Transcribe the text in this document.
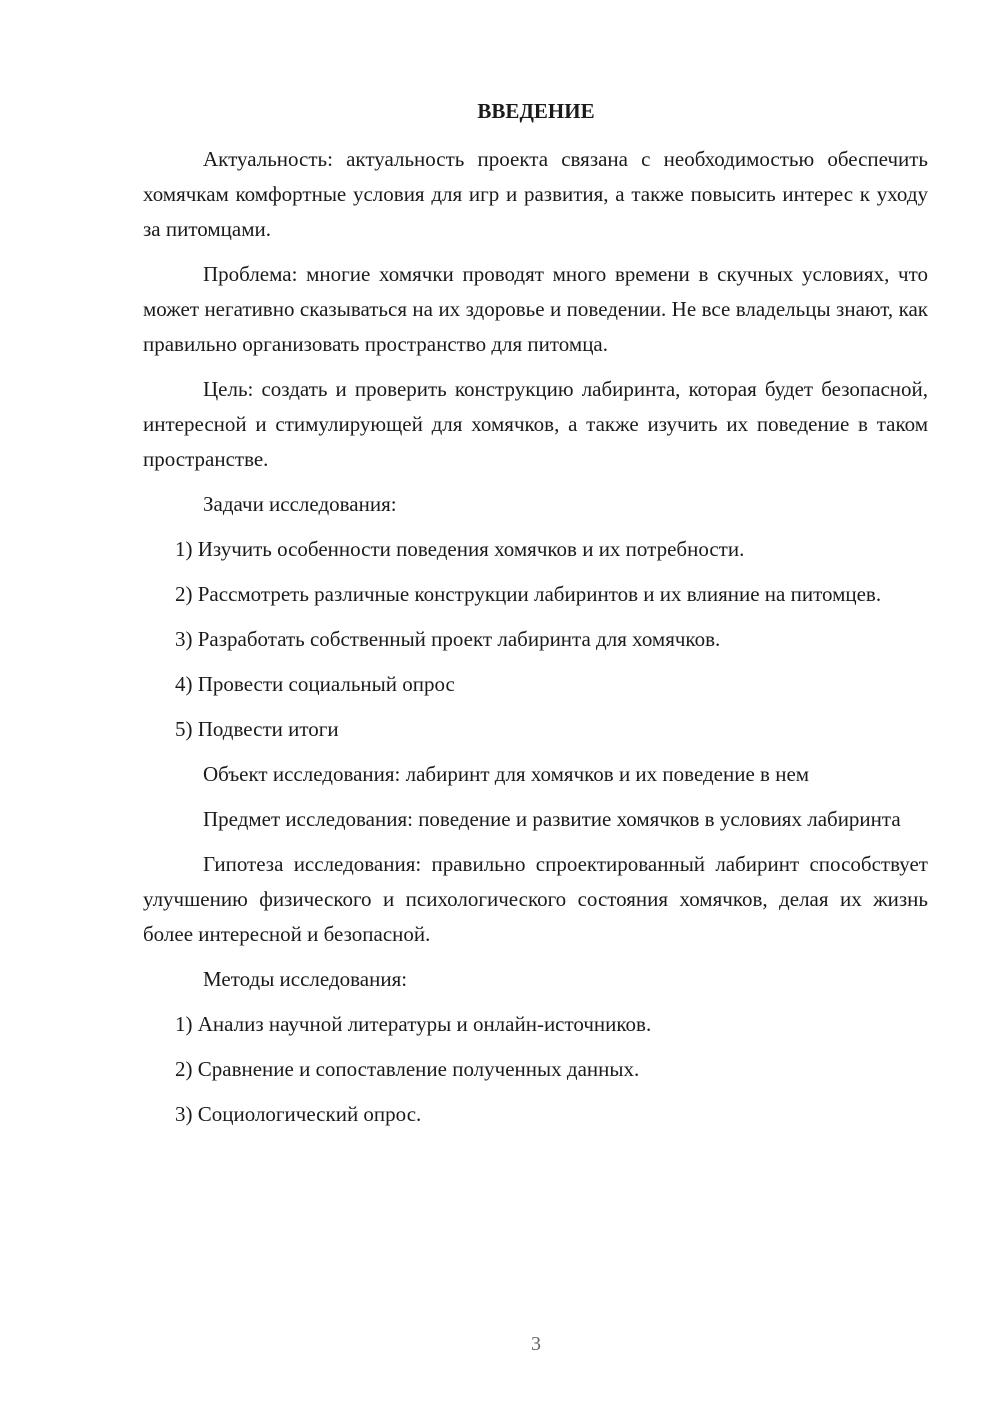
ВВЕДЕНИЕ

Актуальность: актуальность проекта связана с необходимостью обеспечить хомячкам комфортные условия для игр и развития, а также повысить интерес к уходу за питомцами.

Проблема: многие хомячки проводят много времени в скучных условиях, что может негативно сказываться на их здоровье и поведении. Не все владельцы знают, как правильно организовать пространство для питомца.

Цель: создать и проверить конструкцию лабиринта, которая будет безопасной, интересной и стимулирующей для хомячков, а также изучить их поведение в таком пространстве.

Задачи исследования:

1) Изучить особенности поведения хомячков и их потребности.

2) Рассмотреть различные конструкции лабиринтов и их влияние на питомцев.

3) Разработать собственный проект лабиринта для хомячков.

4) Провести социальный опрос

5) Подвести итоги

Объект исследования: лабиринт для хомячков и их поведение в нем

Предмет исследования: поведение и развитие хомячков в условиях лабиринта

Гипотеза исследования: правильно спроектированный лабиринт способствует улучшению физического и психологического состояния хомячков, делая их жизнь более интересной и безопасной.

Методы исследования:

1) Анализ научной литературы и онлайн-источников.

2) Сравнение и сопоставление полученных данных.

3) Социологический опрос.

3
